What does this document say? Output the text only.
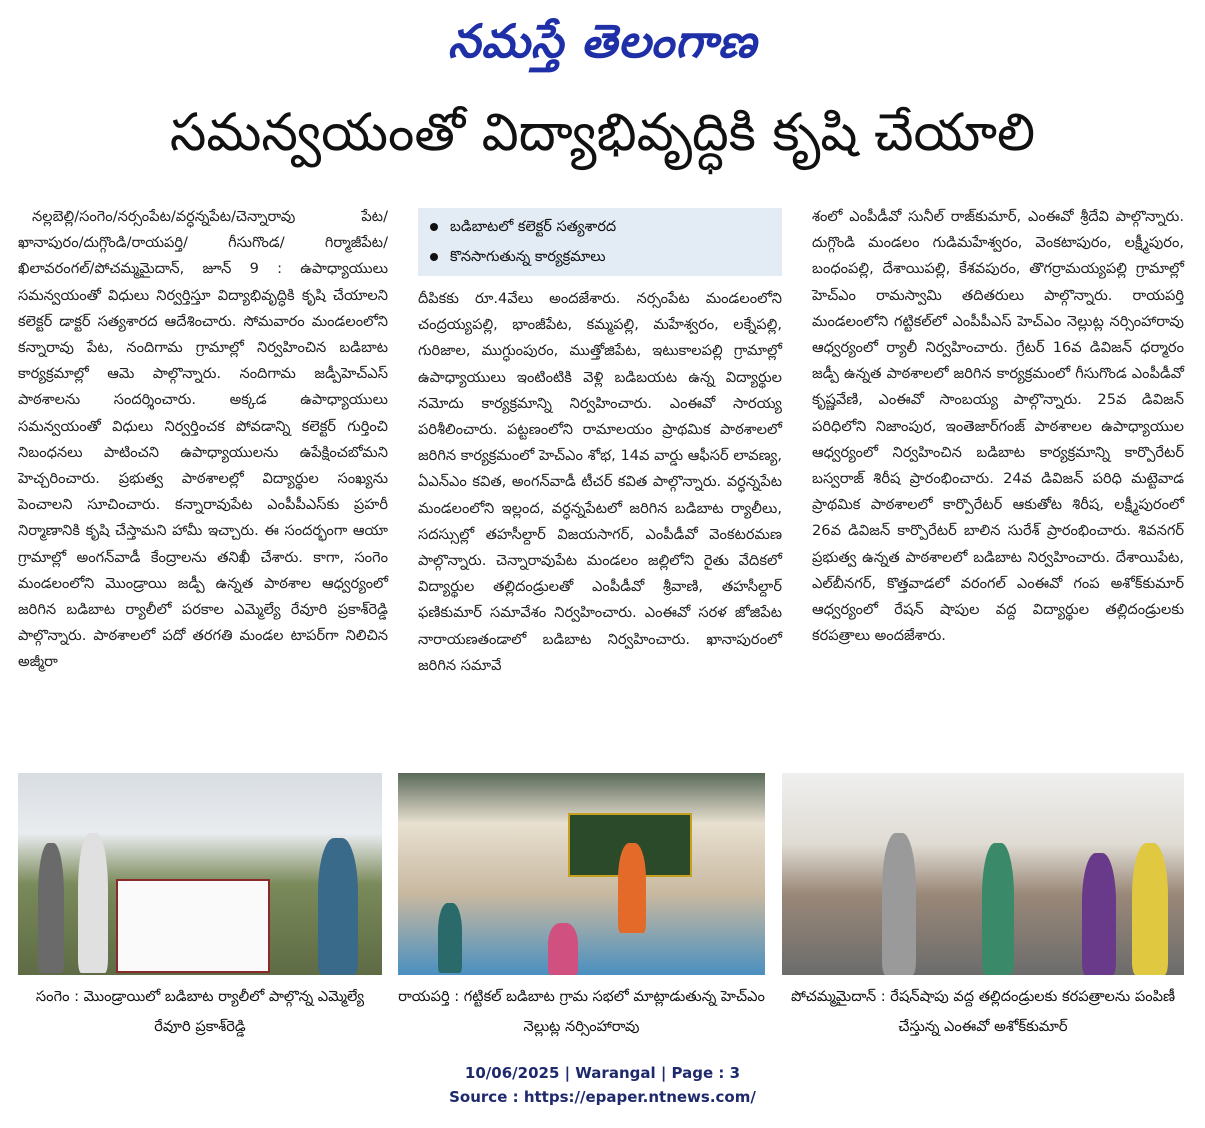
నమస్తే తెలంగాణ
సమన్వయంతో విద్యాభివృద్ధికి కృషి చేయాలి

నల్లబెల్లి/సంగెం/నర్సంపేట/వర్ధన్నపేట/చెన్నారావు పేట/ఖానాపురం/దుగ్గొండి/రాయపర్తి/ గీసుగొండ/ గిర్మాజీపేట/ఖిలావరంగల్/పోచమ్మమైదాన్, జూన్ 9 : ఉపాధ్యాయులు సమన్వయంతో విధులు నిర్వర్తిస్తూ విద్యాభివృద్ధికి కృషి చేయాలని కలెక్టర్ డాక్టర్ సత్యశారద ఆదేశించారు. సోమవారం మండలంలోని కన్నారావు పేట, నందిగామ గ్రామాల్లో నిర్వహించిన బడిబాట కార్యక్రమాల్లో ఆమె పాల్గొన్నారు. నందిగామ జడ్పీహెచ్ఎస్ పాఠశాలను సందర్శించారు. అక్కడ ఉపాధ్యాయులు సమన్వయంతో విధులు నిర్వర్తించక పోవడాన్ని కలెక్టర్ గుర్తించి నిబంధనలు పాటించని ఉపాధ్యాయులను ఉపేక్షించబోమని హెచ్చరించారు. ప్రభుత్వ పాఠశాలల్లో విద్యార్థుల సంఖ్యను పెంచాలని సూచించారు. కన్నారావుపేట ఎంపీపీఎస్‌కు ప్రహరీ నిర్మాణానికి కృషి చేస్తామని హామీ ఇచ్చారు. ఈ సందర్భంగా ఆయా గ్రామాల్లో అంగన్‌వాడీ కేంద్రాలను తనిఖీ చేశారు. కాగా, సంగెం మండలంలోని మొండ్రాయి జడ్పీ ఉన్నత పాఠశాల ఆధ్వర్యంలో జరిగిన బడిబాట ర్యాలీలో పరకాల ఎమ్మెల్యే రేవూరి ప్రకాశ్‌రెడ్డి పాల్గొన్నారు. పాఠశాలలో పదో తరగతి మండల టాపర్‌గా నిలిచిన అజ్మీరా

బడిబాటలో కలెక్టర్ సత్యశారద
కొనసాగుతున్న కార్యక్రమాలు

దీపికకు రూ.4వేలు అందజేశారు. నర్సంపేట మండలంలోని చంద్రయ్యపల్లి, భాంజీపేట, కమ్మపల్లి, మహేశ్వరం, లక్నేపల్లి, గురిజాల, ముగ్ధుంపురం, ముత్తోజిపేట, ఇటుకాలపల్లి గ్రామాల్లో ఉపాధ్యాయులు ఇంటింటికి వెళ్లి బడిబయట ఉన్న విద్యార్థుల నమోదు కార్యక్రమాన్ని నిర్వహించారు. ఎంఈవో సారయ్య పరిశీలించారు. పట్టణంలోని రామాలయం ప్రాథమిక పాఠశాలలో జరిగిన కార్యక్రమంలో హెచ్ఎం శోభ, 14వ వార్డు ఆఫీసర్ లావణ్య, ఏఎన్ఎం కవిత, అంగన్‌వాడీ టీచర్ కవిత పాల్గొన్నారు. వర్ధన్నపేట మండలంలోని ఇల్లంద, వర్ధన్నపేటలో జరిగిన బడిబాట ర్యాలీలు, సదస్సుల్లో తహసీల్దార్ విజయసాగర్, ఎంపీడీవో వెంకటరమణ పాల్గొన్నారు. చెన్నారావుపేట మండలం జల్లిలోని రైతు వేదికలో విద్యార్థుల తల్లిదండ్రులతో ఎంపీడీవో శ్రీవాణి, తహసీల్దార్ ఫణికుమార్ సమావేశం నిర్వహించారు. ఎంఈవో సరళ జోజిపేట నారాయణతండాలో బడిబాట నిర్వహించారు. ఖానాపురంలో జరిగిన సమావే

శంలో ఎంపీడీవో సునీల్ రాజ్‌కుమార్, ఎంఈవో శ్రీదేవి పాల్గొన్నారు. దుగ్గొండి మండలం గుడిమహేశ్వరం, వెంకటాపురం, లక్ష్మీపురం, బంధంపల్లి, దేశాయిపల్లి, కేశవపురం, తొగర్రామయ్యపల్లి గ్రామాల్లో హెచ్ఎం రామస్వామి తదితరులు పాల్గొన్నారు. రాయపర్తి మండలంలోని గట్టికల్‌లో ఎంపీపీఎస్ హెచ్ఎం నెల్లుట్ల నర్సింహారావు ఆధ్వర్యంలో ర్యాలీ నిర్వహించారు. గ్రేటర్ 16వ డివిజన్ ధర్మారం జడ్పీ ఉన్నత పాఠశాలలో జరిగిన కార్యక్రమంలో గీసుగొండ ఎంపీడీవో కృష్ణవేణి, ఎంఈవో సాంబయ్య పాల్గొన్నారు. 25వ డివిజన్ పరిధిలోని నిజాంపుర, ఇంతెజార్‌గంజ్ పాఠశాలల ఉపాధ్యాయుల ఆధ్వర్యంలో నిర్వహించిన బడిబాట కార్యక్రమాన్ని కార్పొరేటర్ బస్వరాజ్ శిరీష ప్రారంభించారు. 24వ డివిజన్ పరిధి మట్టెవాడ ప్రాథమిక పాఠశాలలో కార్పొరేటర్ ఆకుతోట శిరీష, లక్ష్మీపురంలో 26వ డివిజన్ కార్పొరేటర్ బాలిన సురేశ్ ప్రారంభించారు. శివనగర్ ప్రభుత్వ ఉన్నత పాఠశాలలో బడిబాట నిర్వహించారు. దేశాయిపేట, ఎల్‌బీనగర్, కొత్తవాడలో వరంగల్ ఎంఈవో గంప అశోక్‌కుమార్ ఆధ్వర్యంలో రేషన్ షాపుల వద్ద విద్యార్థుల తల్లిదండ్రులకు కరపత్రాలు అందజేశారు.

సంగెం : మొండ్రాయిలో బడిబాట ర్యాలీలో పాల్గొన్న ఎమ్మెల్యే రేవూరి ప్రకాశ్‌రెడ్డి
రాయపర్తి : గట్టికల్ బడిబాట గ్రామ సభలో మాట్లాడుతున్న హెచ్ఎం నెల్లుట్ల నర్సింహారావు
పోచమ్మమైదాన్ : రేషన్‌షాపు వద్ద తల్లిదండ్రులకు కరపత్రాలను పంపిణీ చేస్తున్న ఎంఈవో అశోక్‌కుమార్
10/06/2025 | Warangal | Page : 3
Source : https://epaper.ntnews.com/
